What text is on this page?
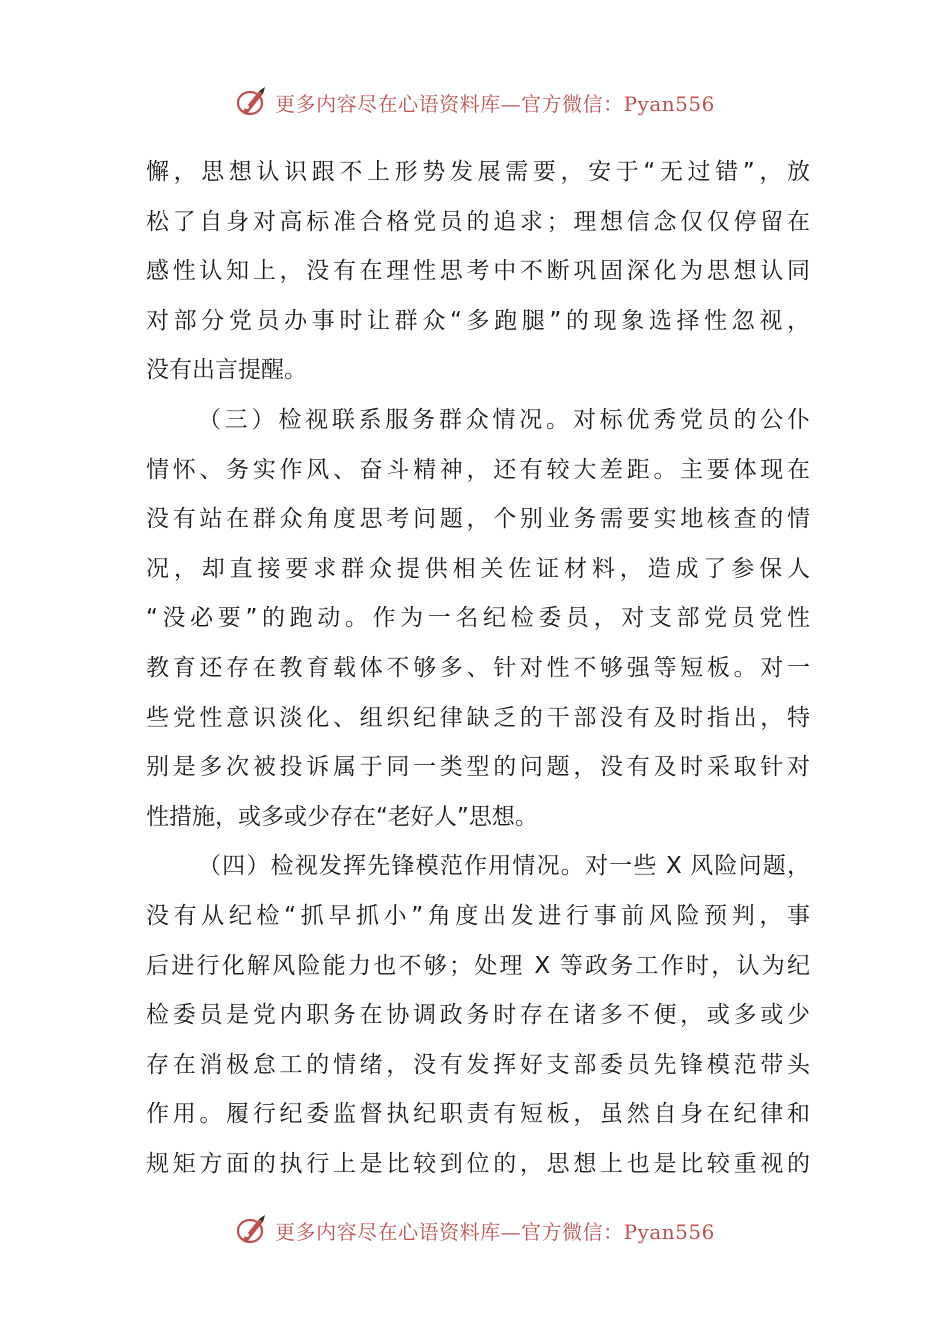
更多内容尽在心语资料库—官方微信：Pyan556
懈，思想认识跟不上形势发展需要，安于“无过错”，放
松了自身对高标准合格党员的追求；理想信念仅仅停留在
感性认知上，没有在理性思考中不断巩固深化为思想认同
对部分党员办事时让群众“多跑腿”的现象选择性忽视，
没有出言提醒。
（三）检视联系服务群众情况。对标优秀党员的公仆
情怀、务实作风、奋斗精神，还有较大差距。主要体现在
没有站在群众角度思考问题，个别业务需要实地核查的情
况，却直接要求群众提供相关佐证材料，造成了参保人
“没必要”的跑动。作为一名纪检委员，对支部党员党性
教育还存在教育载体不够多、针对性不够强等短板。对一
些党性意识淡化、组织纪律缺乏的干部没有及时指出，特
别是多次被投诉属于同一类型的问题，没有及时采取针对
性措施，或多或少存在“老好人”思想。
（四）检视发挥先锋模范作用情况。对一些 X 风险问题，
没有从纪检“抓早抓小”角度出发进行事前风险预判，事
后进行化解风险能力也不够；处理 X 等政务工作时，认为纪
检委员是党内职务在协调政务时存在诸多不便，或多或少
存在消极怠工的情绪，没有发挥好支部委员先锋模范带头
作用。履行纪委监督执纪职责有短板，虽然自身在纪律和
规矩方面的执行上是比较到位的，思想上也是比较重视的
更多内容尽在心语资料库—官方微信：Pyan556
